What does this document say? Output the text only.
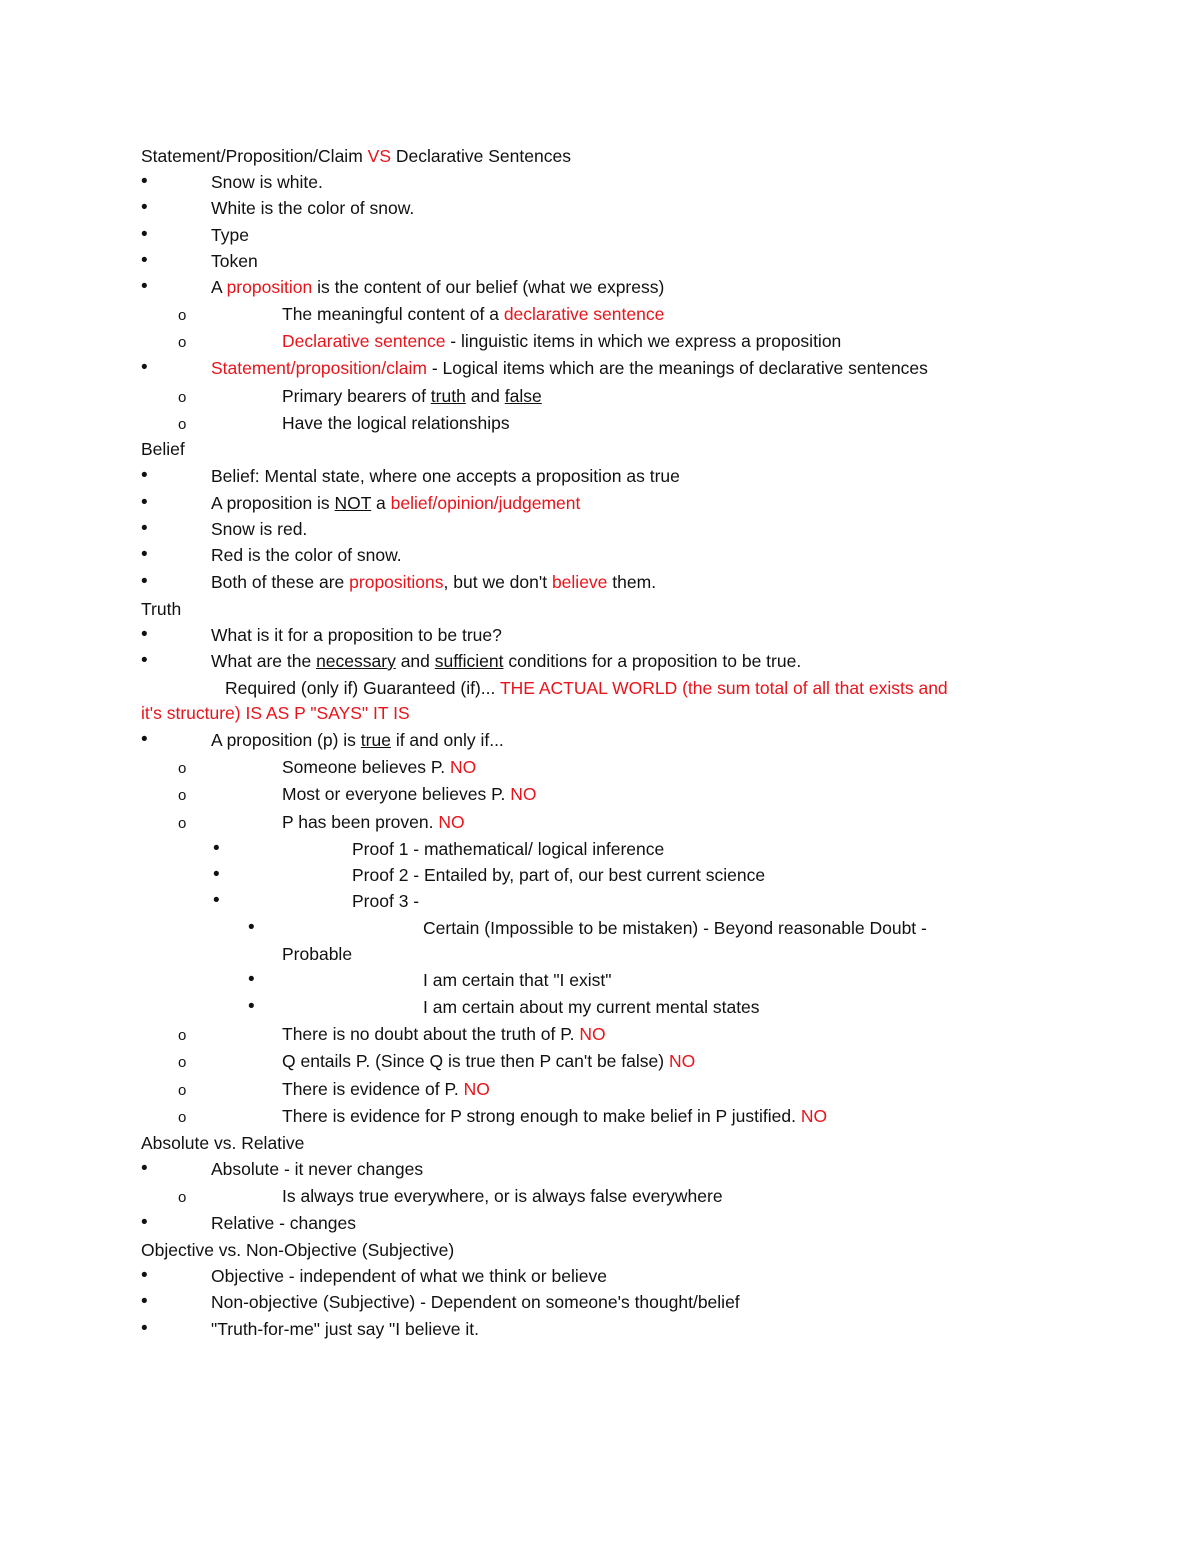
Statement/Proposition/Claim VS Declarative Sentences
•	Snow is white.
•	White is the color of snow.
•	Type
•	Token
•	A proposition is the content of our belief (what we express)
o	The meaningful content of a declarative sentence
o	Declarative sentence - linguistic items in which we express a proposition
•	Statement/proposition/claim - Logical items which are the meanings of declarative sentences
o	Primary bearers of truth and false
o	Have the logical relationships
Belief
•	Belief: Mental state, where one accepts a proposition as true
•	A proposition is NOT a belief/opinion/judgement
•	Snow is red.
•	Red is the color of snow.
•	Both of these are propositions, but we don't believe them.
Truth
•	What is it for a proposition to be true?
•	What are the necessary and sufficient conditions for a proposition to be true.
Required (only if) Guaranteed (if)... THE ACTUAL WORLD (the sum total of all that exists and
it's structure) IS AS P "SAYS" IT IS
•	A proposition (p) is true if and only if...
o	Someone believes P. NO
o	Most or everyone believes P. NO
o	P has been proven. NO
•	Proof 1 - mathematical/ logical inference
•	Proof 2 - Entailed by, part of, our best current science
•	Proof 3 -
•	Certain (Impossible to be mistaken) - Beyond reasonable Doubt -
Probable
•	I am certain that "I exist"
•	I am certain about my current mental states
o	There is no doubt about the truth of P. NO
o	Q entails P. (Since Q is true then P can't be false) NO
o	There is evidence of P. NO
o	There is evidence for P strong enough to make belief in P justified. NO
Absolute vs. Relative
•	Absolute - it never changes
o	Is always true everywhere, or is always false everywhere
•	Relative - changes
Objective vs. Non-Objective (Subjective)
•	Objective - independent of what we think or believe
•	Non-objective (Subjective) - Dependent on someone's thought/belief
•	"Truth-for-me" just say "I believe it.
